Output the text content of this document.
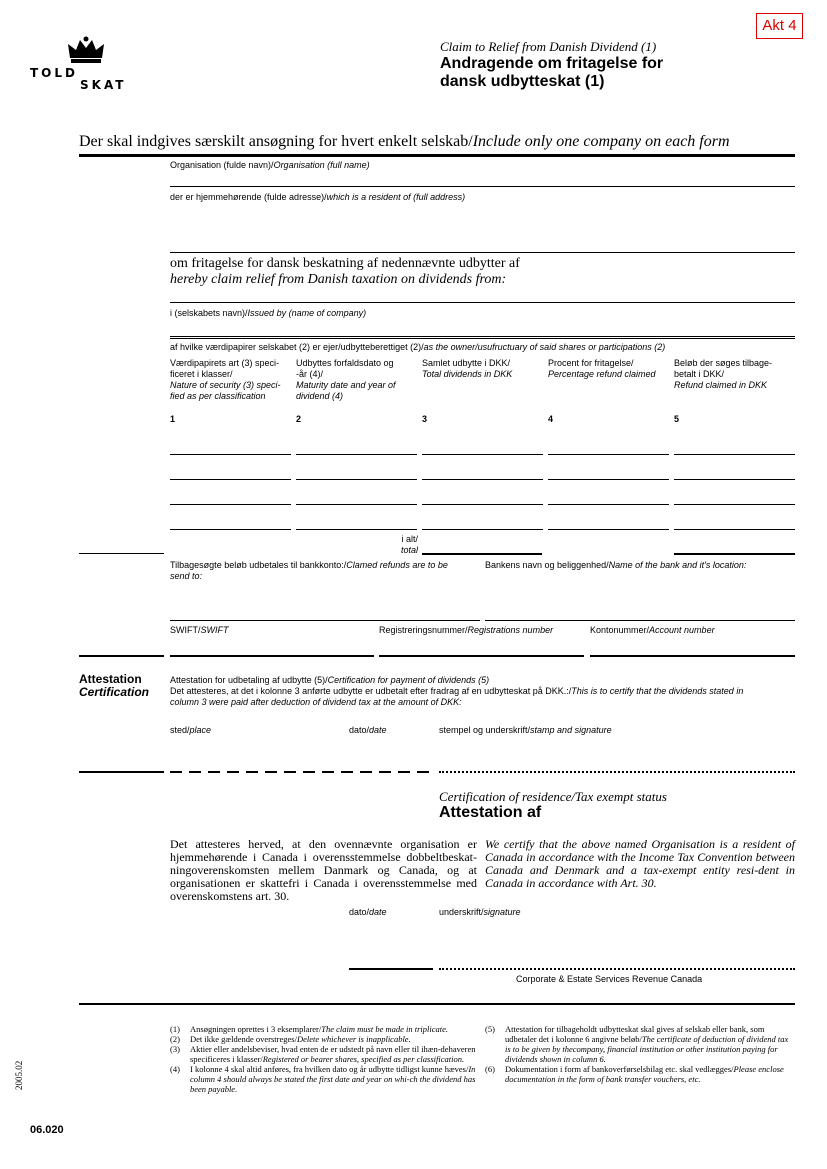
Akt 4
TOLD
SKAT
Claim to Relief from Danish Dividend (1)
Andragende om fritagelse for
dansk udbytteskat (1)
Der skal indgives særskilt ansøgning for hvert enkelt selskab/Include only one company on each form
Organisation (fulde navn)/Organisation (full name)
der er hjemmehørende (fulde adresse)/which is a resident of (full address)
om fritagelse for dansk beskatning af nedennævnte udbytter af
hereby claim relief from Danish taxation on dividends from:
i (selskabets navn)/Issued by (name of company)
af hvilke værdipapirer selskabet (2) er ejer/udbytteberettiget (2)/as the owner/usufructuary of said shares or participations (2)
Værdipapirets art (3) speci-
ficeret i klasser/
Nature of security (3) speci-
fied as per classification
Udbyttes forfaldsdato og
-år (4)/
Maturity date and year of
dividend (4)
Samlet udbytte i DKK/
Total dividends in DKK
Procent for fritagelse/
Percentage refund claimed
Beløb der søges tilbage-
betalt i DKK/
Refund claimed in DKK
1	2	3	4	5
i alt/
total
Tilbagesøgte beløb udbetales til bankkonto:/Clamed refunds are to be
send to:
Bankens navn og beliggenhed/Name of the bank and it's location:
SWIFT/SWIFT	Registreringsnummer/Registrations number	Kontonummer/Account number
Attestation
Certification
Attestation for udbetaling af udbytte (5)/Certification for payment of dividends (5)
Det attesteres, at det i kolonne 3 anførte udbytte er udbetalt efter fradrag af en udbytteskat på DKK.:/This is to certify that the dividends stated in
column 3 were paid after deduction of dividend tax at the amount of DKK:
sted/place	dato/date	stempel og underskrift/stamp and signature
Certification of residence/Tax exempt status
Attestation af
Det attesteres herved, at den ovennævnte organisation er hjemmehørende i Canada i overensstemmelse dobbeltbeskat-ningoverenskomsten mellem Danmark og Canada, og at organisationen er skattefri i Canada i overensstemmelse med overenskomstens art. 30.
We certify that the above named Organisation is a resident of Canada in accordance with the Income Tax Convention between Canada and Denmark and a tax-exempt entity resi-dent in Canada in accordance with Art. 30.
dato/date	underskrift/signature
Corporate & Estate Services Revenue Canada
(1)	Ansøgningen oprettes i 3 eksemplarer/The claim must be made in triplicate.
(2)	Det ikke gældende overstreges/Delete whichever is inapplicable.
(3)	Aktier eller andelsbeviser, hvad enten de er udstedt på navn eller til ihæn-dehaveren specificeres i klasser/Registered or bearer shares, specified as per classification.
(4)	I kolonne 4 skal altid anføres, fra hvilken dato og år udbytte tidligst kunne hæves/In column 4 should always be stated the first date and year on whi-ch the dividend has been payable.
(5)	Attestation for tilbageholdt udbytteskat skal gives af selskab eller bank, som udbetaler det i kolonne 6 angivne beløb/The certificate of deduction of dividend tax is to be given by thecompany, financial institution or other institution paying for dividends shown in column 6.
(6)	Dokumentation i form af bankoverførselsbilag etc. skal vedlægges/Please enclose documentation in the form of bank transfer vouchers, etc.
2005.02
06.020
